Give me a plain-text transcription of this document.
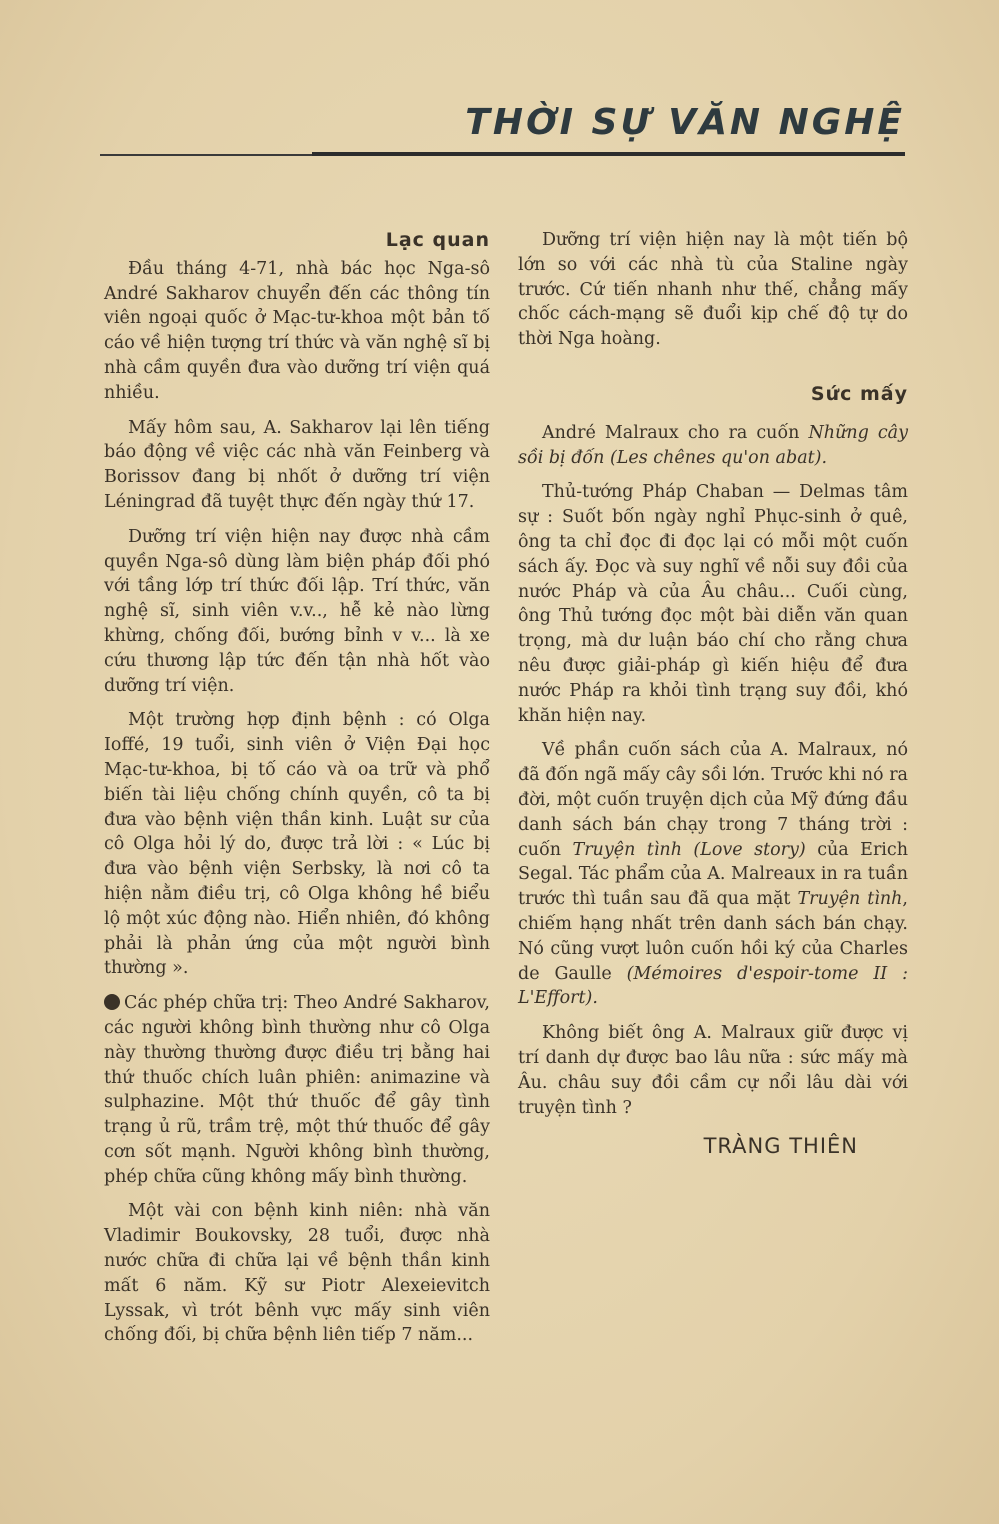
THỜI SỰ VĂN NGHỆ
Lạc quan

Đầu tháng 4-71, nhà bác học Nga-sô André Sakharov chuyển đến các thông tín viên ngoại quốc ở Mạc-tư-khoa một bản tố cáo về hiện tượng trí thức và văn nghệ sĩ bị nhà cầm quyền đưa vào dưỡng trí viện quá nhiều.

Mấy hôm sau, A. Sakharov lại lên tiếng báo động về việc các nhà văn Feinberg và Borissov đang bị nhốt ở dưỡng trí viện Léningrad đã tuyệt thực đến ngày thứ 17.

Dưỡng trí viện hiện nay được nhà cầm quyền Nga-sô dùng làm biện pháp đối phó với tầng lớp trí thức đối lập. Trí thức, văn nghệ sĩ, sinh viên v.v.., hễ kẻ nào lừng khừng, chống đối, bướng bỉnh v v... là xe cứu thương lập tức đến tận nhà hốt vào dưỡng trí viện.

Một trường hợp định bệnh : có Olga Ioffé, 19 tuổi, sinh viên ở Viện Đại học Mạc-tư-khoa, bị tố cáo và oa trữ và phổ biến tài liệu chống chính quyền, cô ta bị đưa vào bệnh viện thần kinh. Luật sư của cô Olga hỏi lý do, được trả lời : « Lúc bị đưa vào bệnh viện Serbsky, là nơi cô ta hiện nằm điều trị, cô Olga không hề biểu lộ một xúc động nào. Hiển nhiên, đó không phải là phản ứng của một người bình thường ».

Các phép chữa trị: Theo André Sakharov, các người không bình thường như cô Olga này thường thường được điều trị bằng hai thứ thuốc chích luân phiên: animazine và sulphazine. Một thứ thuốc để gây tình trạng ủ rũ, trầm trệ, một thứ thuốc để gây cơn sốt mạnh. Người không bình thường, phép chữa cũng không mấy bình thường.

Một vài con bệnh kinh niên: nhà văn Vladimir Boukovsky, 28 tuổi, được nhà nước chữa đi chữa lại về bệnh thần kinh mất 6 năm. Kỹ sư Piotr Alexeievitch Lyssak, vì trót bênh vực mấy sinh viên chống đối, bị chữa bệnh liên tiếp 7 năm...

Dưỡng trí viện hiện nay là một tiến bộ lớn so với các nhà tù của Staline ngày trước. Cứ tiến nhanh như thế, chẳng mấy chốc cách-mạng sẽ đuổi kịp chế độ tự do thời Nga hoàng.

Sức mấy

André Malraux cho ra cuốn Những cây sồi bị đốn (Les chênes qu'on abat).

Thủ-tướng Pháp Chaban — Delmas tâm sự : Suốt bốn ngày nghỉ Phục-sinh ở quê, ông ta chỉ đọc đi đọc lại có mỗi một cuốn sách ấy. Đọc và suy nghĩ về nỗi suy đồi của nước Pháp và của Âu châu... Cuối cùng, ông Thủ tướng đọc một bài diễn văn quan trọng, mà dư luận báo chí cho rằng chưa nêu được giải-pháp gì kiến hiệu để đưa nước Pháp ra khỏi tình trạng suy đồi, khó khăn hiện nay.

Về phần cuốn sách của A. Malraux, nó đã đốn ngã mấy cây sồi lớn. Trước khi nó ra đời, một cuốn truyện dịch của Mỹ đứng đầu danh sách bán chạy trong 7 tháng trời : cuốn Truyện tình (Love story) của Erich Segal. Tác phẩm của A. Malreaux in ra tuần trước thì tuần sau đã qua mặt Truyện tình, chiếm hạng nhất trên danh sách bán chạy. Nó cũng vượt luôn cuốn hồi ký của Charles de Gaulle (Mémoires d'espoir-tome II : L'Effort).

Không biết ông A. Malraux giữ được vị trí danh dự được bao lâu nữa : sức mấy mà Âu. châu suy đồi cầm cự nổi lâu dài với truyện tình ?

TRÀNG THIÊN
